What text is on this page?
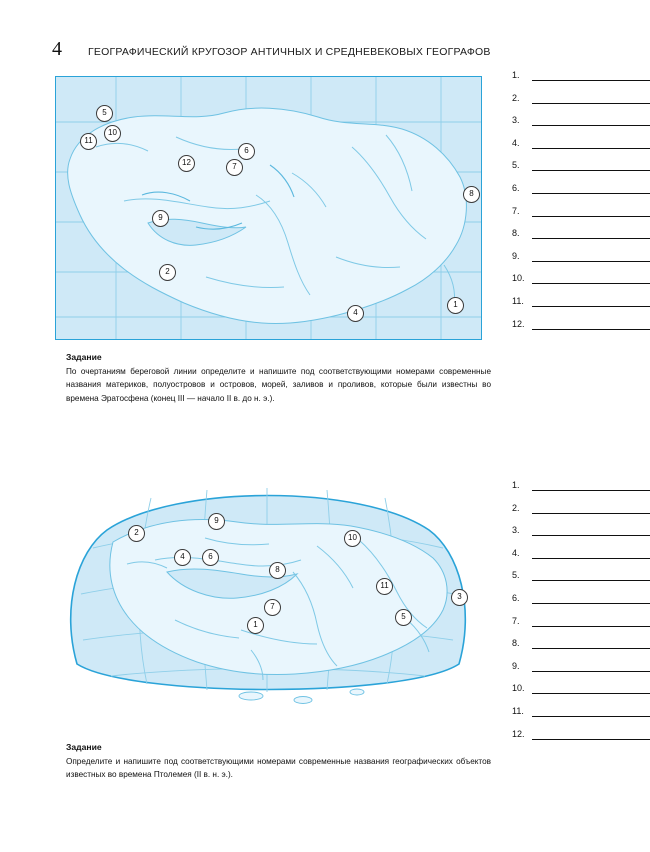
4 ГЕОГРАФИЧЕСКИЙ КРУГОЗОР АНТИЧНЫХ И СРЕДНЕВЕКОВЫХ ГЕОГРАФОВ
5
10
11
12
6
7
9
2
4
1
8
2
9
10
4	6
8
11
3
1
7
5
1.
2.
3.
4.
5.
6.
7.
8.
9.
10.
11.
12.
1.
2.
3.
4.
5.
6.
7.
8.
9.
10.
11.
12.
Задание
По очертаниям береговой линии определите и напишите под соответствующими номерами современные названия материков, полуостровов и островов, морей, заливов и проливов, которые были известны во времена Эратосфена (конец III — начало II в. до н. э.).
Задание
Определите и напишите под соответствующими номерами современные названия географических объектов известных во времена Птолемея (II в. н. э.).
